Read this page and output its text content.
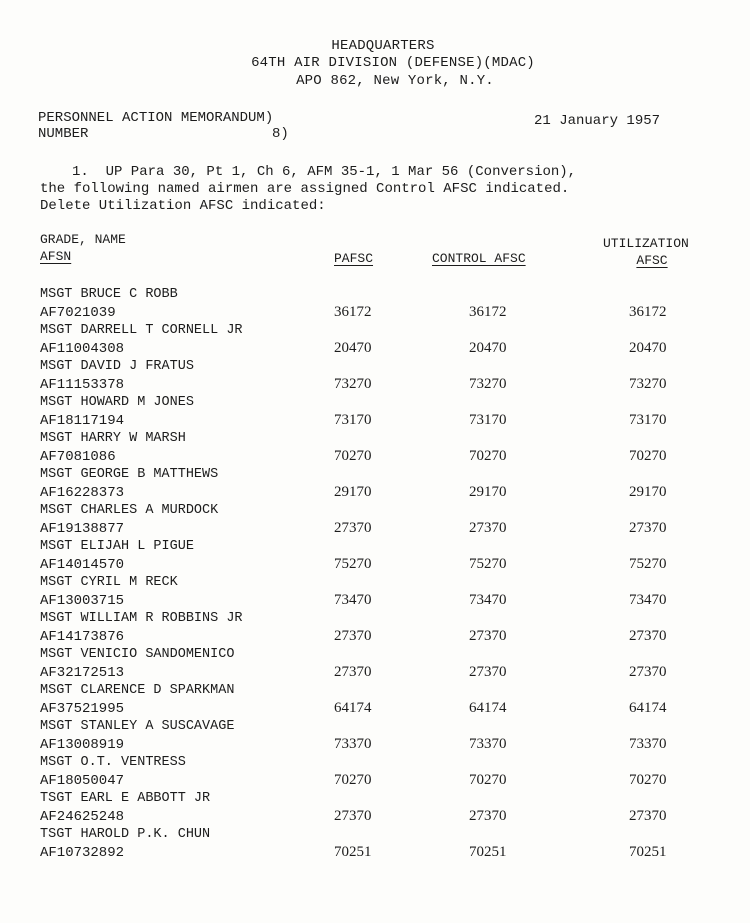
HEADQUARTERS
64TH AIR DIVISION (DEFENSE)(MDAC)
APO 862, New York, N.Y.
PERSONNEL ACTION MEMORANDUM)
NUMBER	8)
21 January 1957
1.  UP Para 30, Pt 1, Ch 6, AFM 35-1, 1 Mar 56 (Conversion),
the following named airmen are assigned Control AFSC indicated.
Delete Utilization AFSC indicated:
GRADE, NAME
AFSN	PAFSC	CONTROL AFSC
UTILIZATION
AFSC
MSGT BRUCE C ROBB
AF7021039	36172	36172	36172
MSGT DARRELL T CORNELL JR
AF11004308	20470	20470	20470
MSGT DAVID J FRATUS
AF11153378	73270	73270	73270
MSGT HOWARD M JONES
AF18117194	73170	73170	73170
MSGT HARRY W MARSH
AF7081086	70270	70270	70270
MSGT GEORGE B MATTHEWS
AF16228373	29170	29170	29170
MSGT CHARLES A MURDOCK
AF19138877	27370	27370	27370
MSGT ELIJAH L PIGUE
AF14014570	75270	75270	75270
MSGT CYRIL M RECK
AF13003715	73470	73470	73470
MSGT WILLIAM R ROBBINS JR
AF14173876	27370	27370	27370
MSGT VENICIO SANDOMENICO
AF32172513	27370	27370	27370
MSGT CLARENCE D SPARKMAN
AF37521995	64174	64174	64174
MSGT STANLEY A SUSCAVAGE
AF13008919	73370	73370	73370
MSGT O.T. VENTRESS
AF18050047	70270	70270	70270
TSGT EARL E ABBOTT JR
AF24625248	27370	27370	27370
TSGT HAROLD P.K. CHUN
AF10732892	70251	70251	70251
